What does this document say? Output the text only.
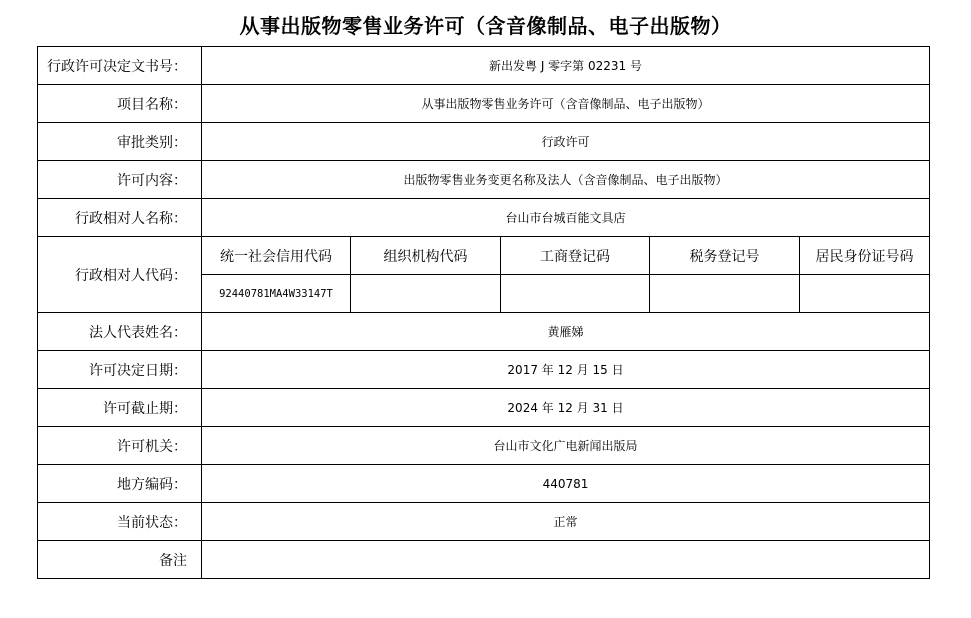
从事出版物零售业务许可（含音像制品、电子出版物）
行政许可决定文书号：	新出发粤 J 零字第 02231 号				
项目名称：	从事出版物零售业务许可（含音像制品、电子出版物）				
审批类别：	行政许可				
许可内容：	出版物零售业务变更名称及法人（含音像制品、电子出版物）				
行政相对人名称：	台山市台城百能文具店				
行政相对人代码：	统一社会信用代码	组织机构代码	工商登记码	税务登记号	居民身份证号码
	92440781MA4W33147T				
法人代表姓名：	黄雁娣				
许可决定日期：	2017 年 12 月 15 日				
许可截止期：	2024 年 12 月 31 日				
许可机关：	台山市文化广电新闻出版局				
地方编码：	440781				
当前状态：	正常				
备注					
